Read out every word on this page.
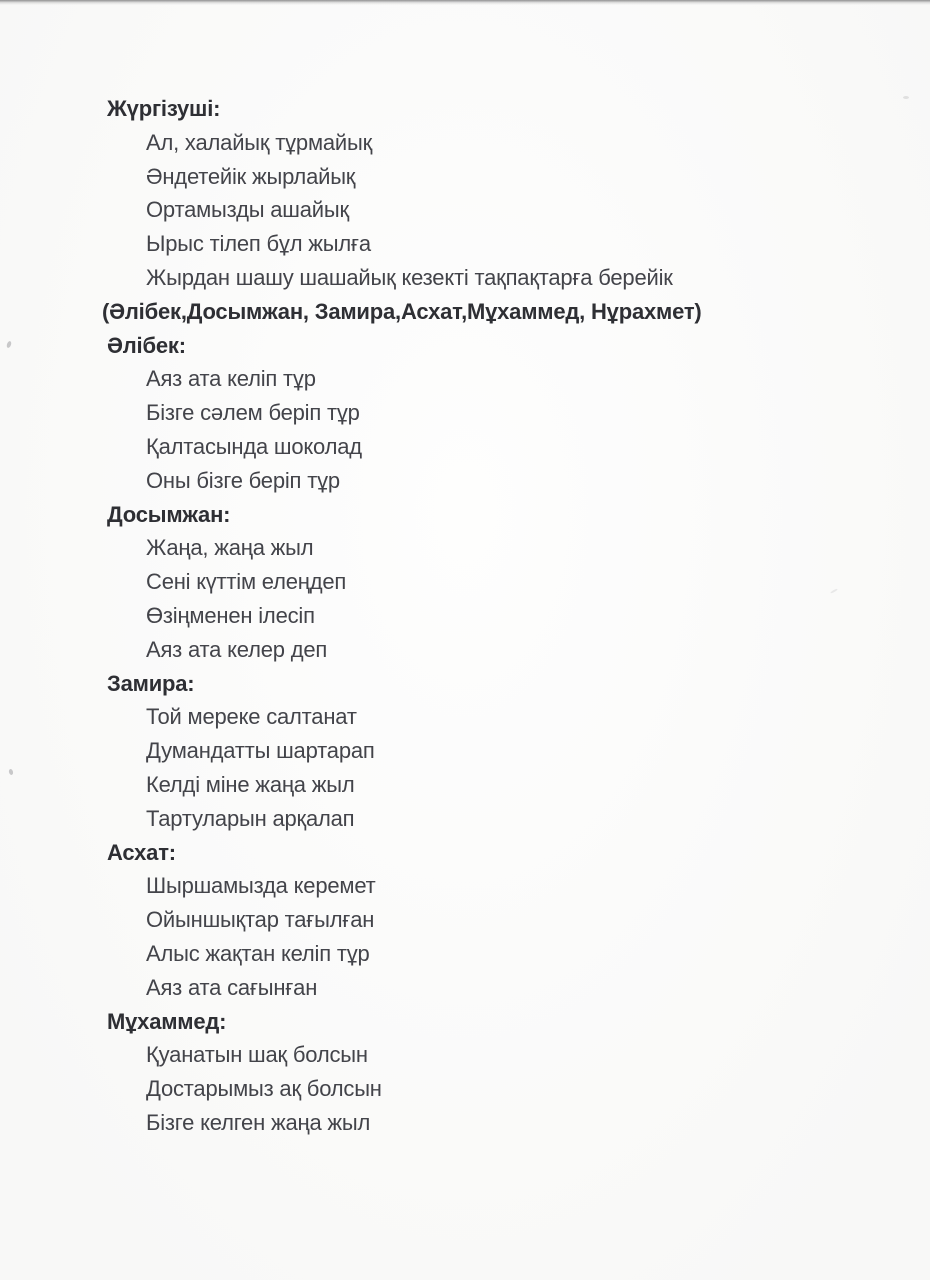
Жүргізуші:

Ал, халайық тұрмайық

Әндетейік жырлайық

Ортамызды ашайық

Ырыс тілеп бұл жылға

Жырдан шашу шашайық кезекті тақпақтарға берейік

(Әлібек,Досымжан, Замира,Асхат,Мұхаммед, Нұрахмет)

Әлібек:

Аяз ата келіп тұр

Бізге сәлем беріп тұр

Қалтасында шоколад

Оны бізге беріп тұр

Досымжан:

Жаңа, жаңа жыл

Сені күттім елеңдеп

Өзіңменен ілесіп

Аяз ата келер деп

Замира:

Той мереке салтанат

Думандатты шартарап

Келді міне жаңа жыл

Тартуларын арқалап

Асхат:

Шыршамызда керемет

Ойыншықтар тағылған

Алыс жақтан келіп тұр

Аяз ата сағынған

Мұхаммед:

Қуанатын шақ болсын

Достарымыз ақ болсын

Бізге келген жаңа жыл
